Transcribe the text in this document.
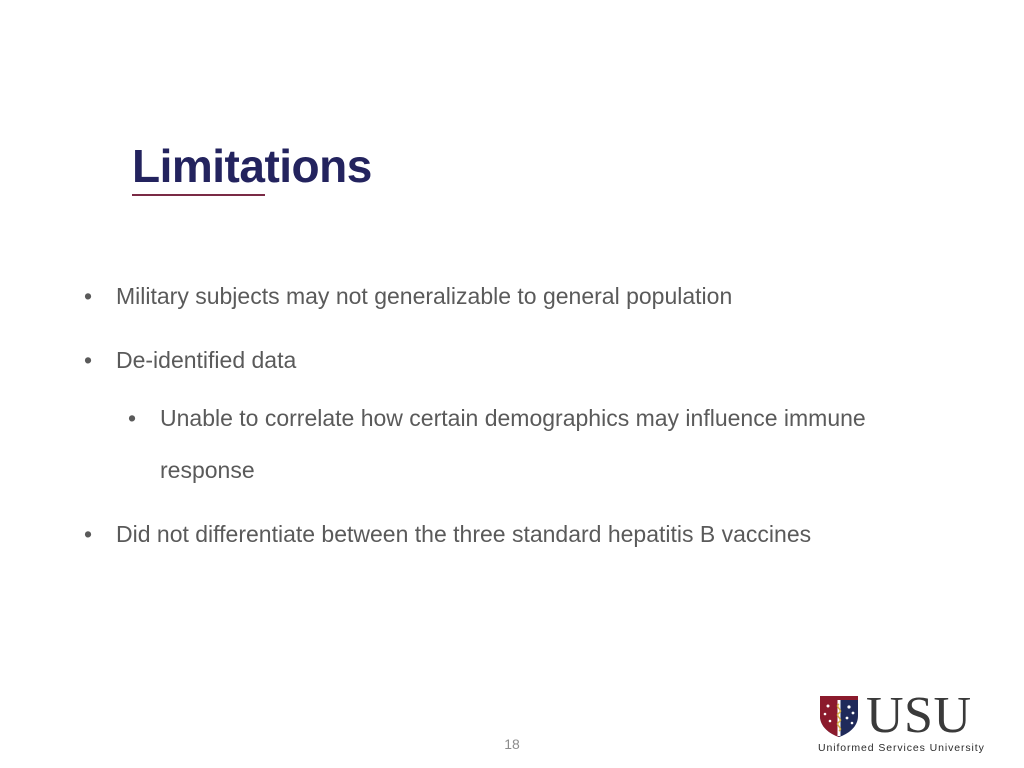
Limitations
• Military subjects may not generalizable to general population
• De-identified data
• Unable to correlate how certain demographics may influence immune response
• Did not differentiate between the three standard hepatitis B vaccines
18	USU
Uniformed Services University
